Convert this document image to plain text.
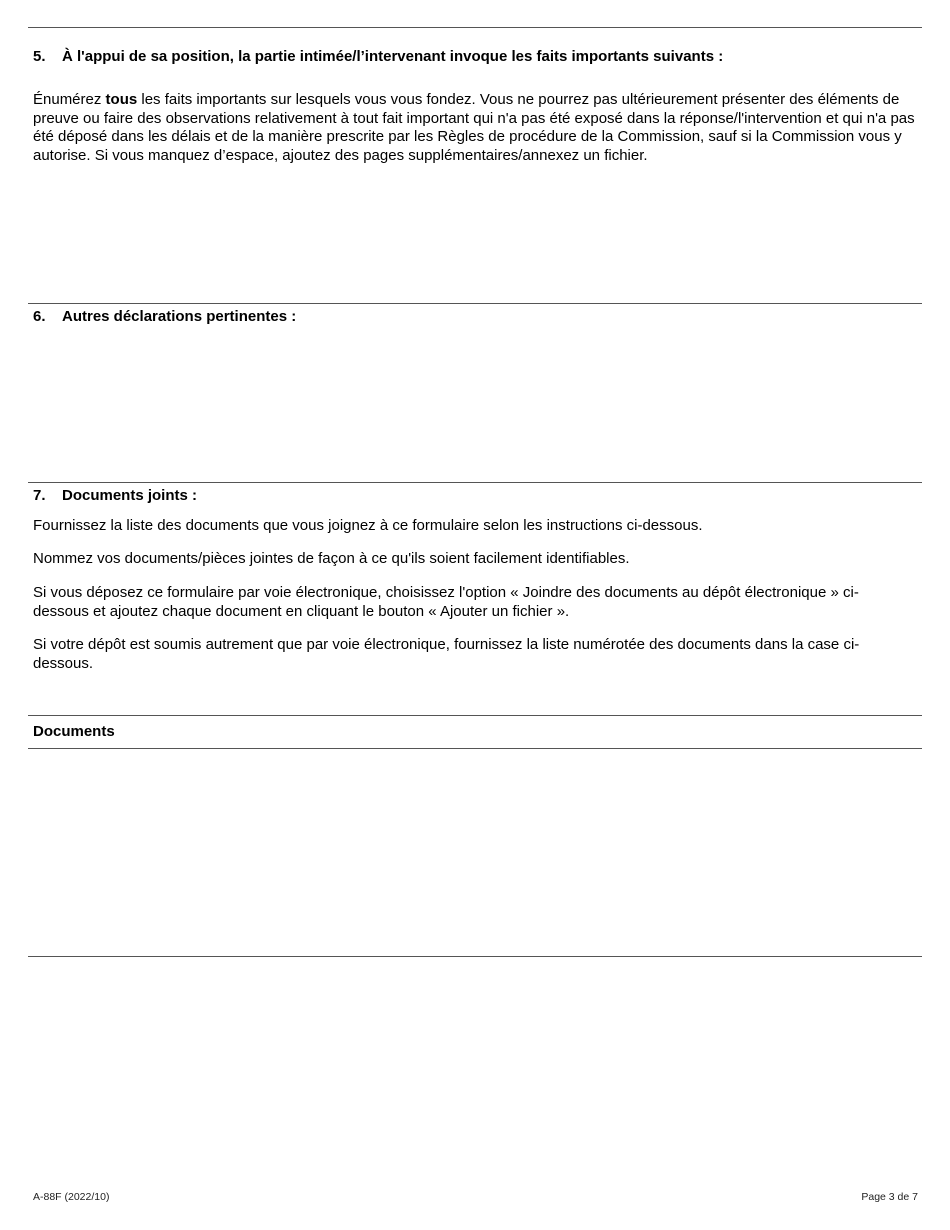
5. À l'appui de sa position, la partie intimée/l’intervenant invoque les faits importants suivants :
Énumérez tous les faits importants sur lesquels vous vous fondez. Vous ne pourrez pas ultérieurement présenter des éléments de preuve ou faire des observations relativement à tout fait important qui n'a pas été exposé dans la réponse/l'intervention et qui n'a pas été déposé dans les délais et de la manière prescrite par les Règles de procédure de la Commission, sauf si la Commission vous y autorise. Si vous manquez d’espace, ajoutez des pages supplémentaires/annexez un fichier.
6. Autres déclarations pertinentes :
7. Documents joints :
Fournissez la liste des documents que vous joignez à ce formulaire selon les instructions ci-dessous.
Nommez vos documents/pièces jointes de façon à ce qu'ils soient facilement identifiables.
Si vous déposez ce formulaire par voie électronique, choisissez l'option « Joindre des documents au dépôt électronique » ci-dessous et ajoutez chaque document en cliquant le bouton « Ajouter un fichier ».
Si votre dépôt est soumis autrement que par voie électronique, fournissez la liste numérotée des documents dans la case ci-dessous.
Documents
A-88F (2022/10)	Page 3 de 7
